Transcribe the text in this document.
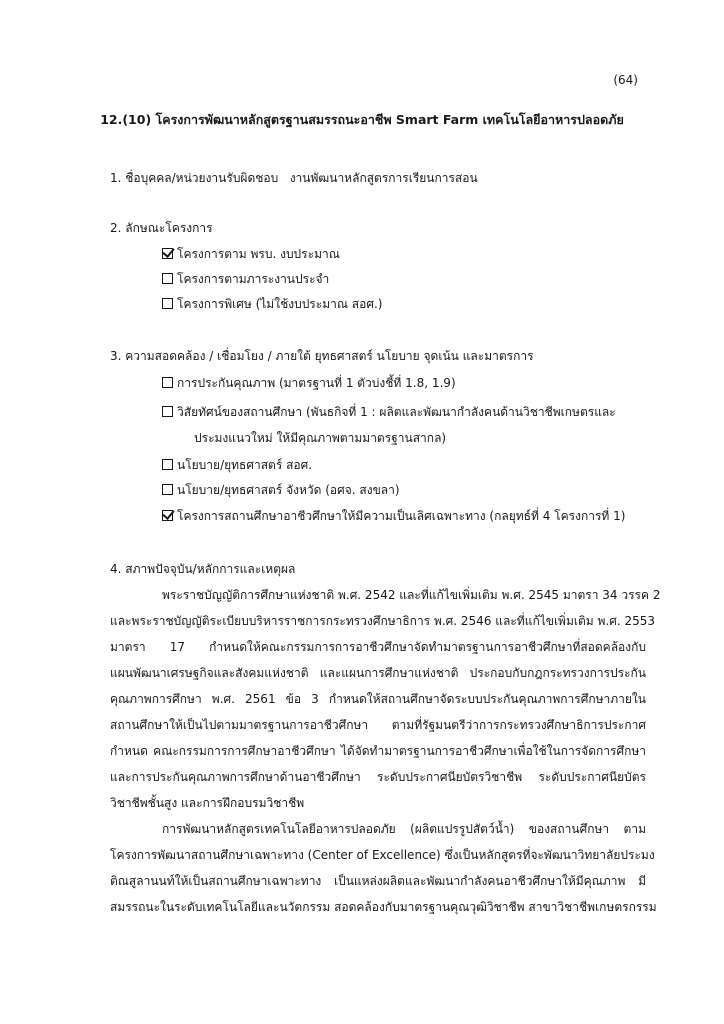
(64)
12.(10) โครงการพัฒนาหลักสูตรฐานสมรรถนะอาชีพ Smart Farm เทคโนโลยีอาหารปลอดภัย
1. ชื่อบุคคล/หน่วยงานรับผิดชอบ งานพัฒนาหลักสูตรการเรียนการสอน
2. ลักษณะโครงการ
โครงการตาม พรบ. งบประมาณ
โครงการตามภาระงานประจำ
โครงการพิเศษ (ไม่ใช้งบประมาณ สอศ.)
3. ความสอดคล้อง / เชื่อมโยง / ภายใต้ ยุทธศาสตร์ นโยบาย จุดเน้น และมาตรการ
การประกันคุณภาพ (มาตรฐานที่ 1 ตัวบ่งชี้ที่ 1.8, 1.9)
วิสัยทัศน์ของสถานศึกษา (พันธกิจที่ 1 : ผลิตและพัฒนากำลังคนด้านวิชาชีพเกษตรและ
ประมงแนวใหม่ ให้มีคุณภาพตามมาตรฐานสากล)
นโยบาย/ยุทธศาสตร์ สอศ.
นโยบาย/ยุทธศาสตร์ จังหวัด (อศจ. สงขลา)
โครงการสถานศึกษาอาชีวศึกษาให้มีความเป็นเลิศเฉพาะทาง (กลยุทธ์ที่ 4 โครงการที่ 1)
4. สภาพปัจจุบัน/หลักการและเหตุผล
พระราชบัญญัติการศึกษาแห่งชาติ พ.ศ. 2542 และที่แก้ไขเพิ่มเติม พ.ศ. 2545 มาตรา 34 วรรค 2
และพระราชบัญญัติระเบียบบริหารราชการกระทรวงศึกษาธิการ พ.ศ. 2546 และที่แก้ไขเพิ่มเติม พ.ศ. 2553
มาตรา 17 กำหนดให้คณะกรรมการการอาชีวศึกษาจัดทำมาตรฐานการอาชีวศึกษาที่สอดคล้องกับ
แผนพัฒนาเศรษฐกิจและสังคมแห่งชาติ และแผนการศึกษาแห่งชาติ ประกอบกับกฎกระทรวงการประกัน
คุณภาพการศึกษา พ.ศ. 2561 ข้อ 3 กำหนดให้สถานศึกษาจัดระบบประกันคุณภาพการศึกษาภายใน
สถานศึกษาให้เป็นไปตามมาตรฐานการอาชีวศึกษา ตามที่รัฐมนตรีว่าการกระทรวงศึกษาธิการประกาศ
กำหนด คณะกรรมการการศึกษาอาชีวศึกษา ได้จัดทำมาตรฐานการอาชีวศึกษาเพื่อใช้ในการจัดการศึกษา
และการประกันคุณภาพการศึกษาด้านอาชีวศึกษา ระดับประกาศนียบัตรวิชาชีพ ระดับประกาศนียบัตร
วิชาชีพชั้นสูง และการฝึกอบรมวิชาชีพ
การพัฒนาหลักสูตรเทคโนโลยีอาหารปลอดภัย (ผลิตแปรรูปสัตว์น้ำ) ของสถานศึกษา ตาม
โครงการพัฒนาสถานศึกษาเฉพาะทาง (Center of Excellence) ซึ่งเป็นหลักสูตรที่จะพัฒนาวิทยาลัยประมง
ติณสูลานนท์ให้เป็นสถานศึกษาเฉพาะทาง เป็นแหล่งผลิตและพัฒนากำลังคนอาชีวศึกษาให้มีคุณภาพ มี
สมรรถนะในระดับเทคโนโลยีและนวัตกรรม สอดคล้องกับมาตรฐานคุณวุฒิวิชาชีพ สาขาวิชาชีพเกษตรกรรม
